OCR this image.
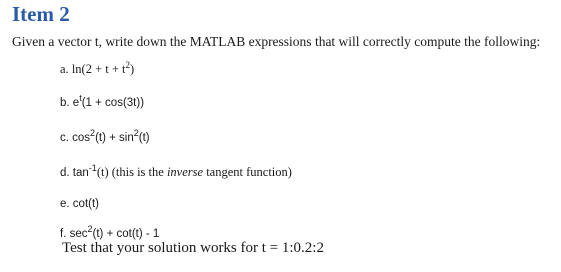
Item 2

Given a vector t, write down the MATLAB expressions that will correctly compute the following:

a. $\ln(2 + t + t^2)$

b. $e^t(1 + \cos(3t))$

c. $\cos^2(t) + \sin^2(t)$

d. $\tan^{-1}(t)$ (this is the inverse tangent function)

e. cot(t)

f. $\sec^2(t) + \cot(t) - 1$

Test that your solution works for t = 1:0.2:2
